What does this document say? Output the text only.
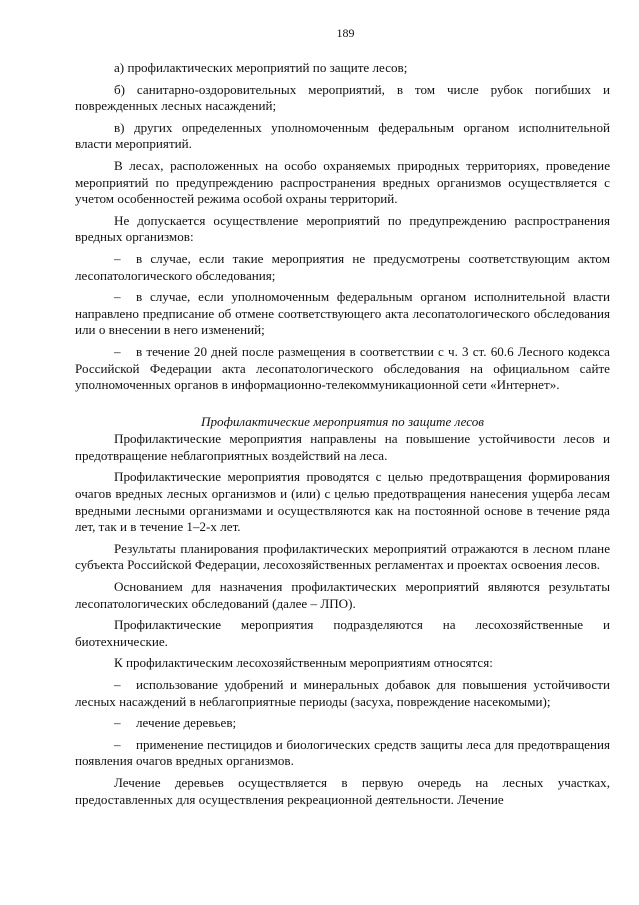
189

а) профилактических мероприятий по защите лесов;

б) санитарно-оздоровительных мероприятий, в том числе рубок погибших и поврежденных лесных насаждений;

в) других определенных уполномоченным федеральным органом исполнительной власти мероприятий.

В лесах, расположенных на особо охраняемых природных территориях, проведение мероприятий по предупреждению распространения вредных организмов осуществляется с учетом особенностей режима особой охраны территорий.

Не допускается осуществление мероприятий по предупреждению распространения вредных организмов:

– в случае, если такие мероприятия не предусмотрены соответствующим актом лесопатологического обследования;

– в случае, если уполномоченным федеральным органом исполнительной власти направлено предписание об отмене соответствующего акта лесопатологического обследования или о внесении в него изменений;

– в течение 20 дней после размещения в соответствии с ч. 3 ст. 60.6 Лесного кодекса Российской Федерации акта лесопатологического обследования на официальном сайте уполномоченных органов в информационно-телекоммуникационной сети «Интернет».

Профилактические мероприятия по защите лесов

Профилактические мероприятия направлены на повышение устойчивости лесов и предотвращение неблагоприятных воздействий на леса.

Профилактические мероприятия проводятся с целью предотвращения формирования очагов вредных лесных организмов и (или) с целью предотвращения нанесения ущерба лесам вредными лесными организмами и осуществляются как на постоянной основе в течение ряда лет, так и в течение 1–2-х лет.

Результаты планирования профилактических мероприятий отражаются в лесном плане субъекта Российской Федерации, лесохозяйственных регламентах и проектах освоения лесов.

Основанием для назначения профилактических мероприятий являются результаты лесопатологических обследований (далее – ЛПО).

Профилактические мероприятия подразделяются на лесохозяйственные и биотехнические.

К профилактическим лесохозяйственным мероприятиям относятся:

– использование удобрений и минеральных добавок для повышения устойчивости лесных насаждений в неблагоприятные периоды (засуха, повреждение насекомыми);

– лечение деревьев;

– применение пестицидов и биологических средств защиты леса для предотвращения появления очагов вредных организмов.

Лечение деревьев осуществляется в первую очередь на лесных участках, предоставленных для осуществления рекреационной деятельности. Лечение
